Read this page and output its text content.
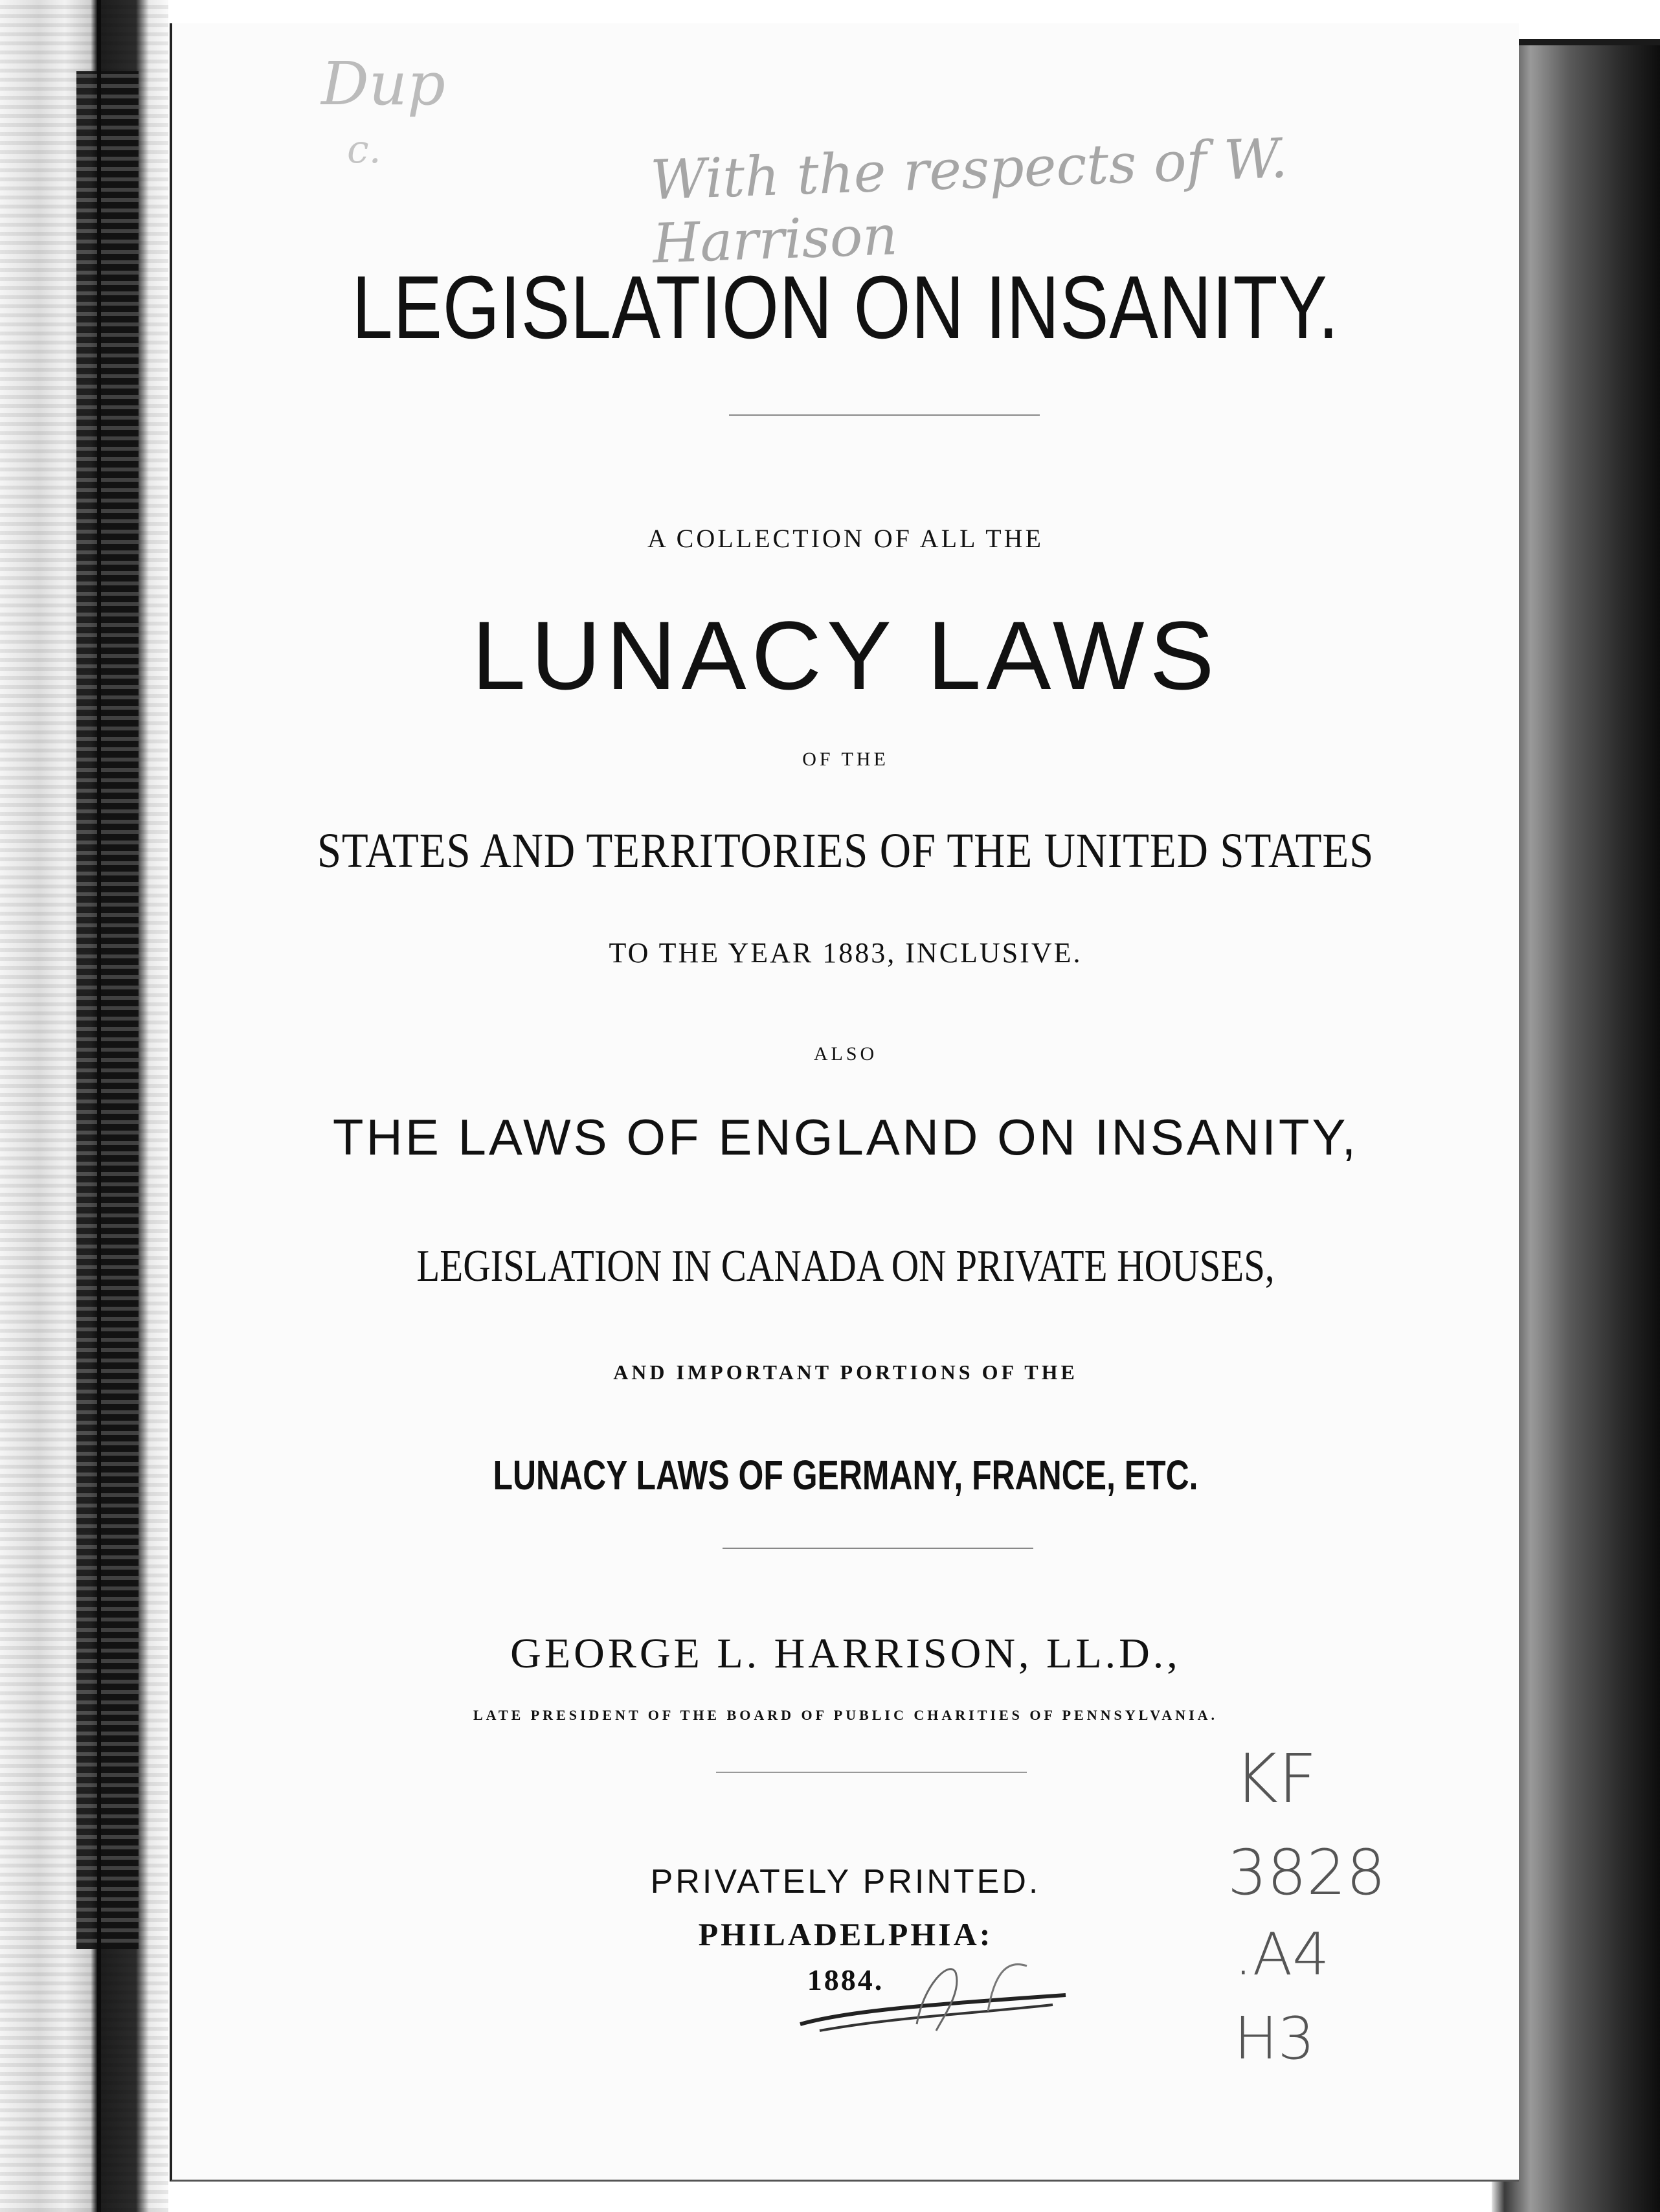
Dup
c.	With the respects of W. Harrison
LEGISLATION ON INSANITY.
A COLLECTION OF ALL THE
LUNACY LAWS
OF THE
STATES AND TERRITORIES OF THE UNITED STATES
TO THE YEAR 1883, INCLUSIVE.
ALSO
THE LAWS OF ENGLAND ON INSANITY,
LEGISLATION IN CANADA ON PRIVATE HOUSES,
AND IMPORTANT PORTIONS OF THE
LUNACY LAWS OF GERMANY, FRANCE, ETC.
GEORGE L. HARRISON, LL.D.,
LATE PRESIDENT OF THE BOARD OF PUBLIC CHARITIES OF PENNSYLVANIA.
PRIVATELY PRINTED.
PHILADELPHIA:
1884.
KF
3828
.A4
H3
